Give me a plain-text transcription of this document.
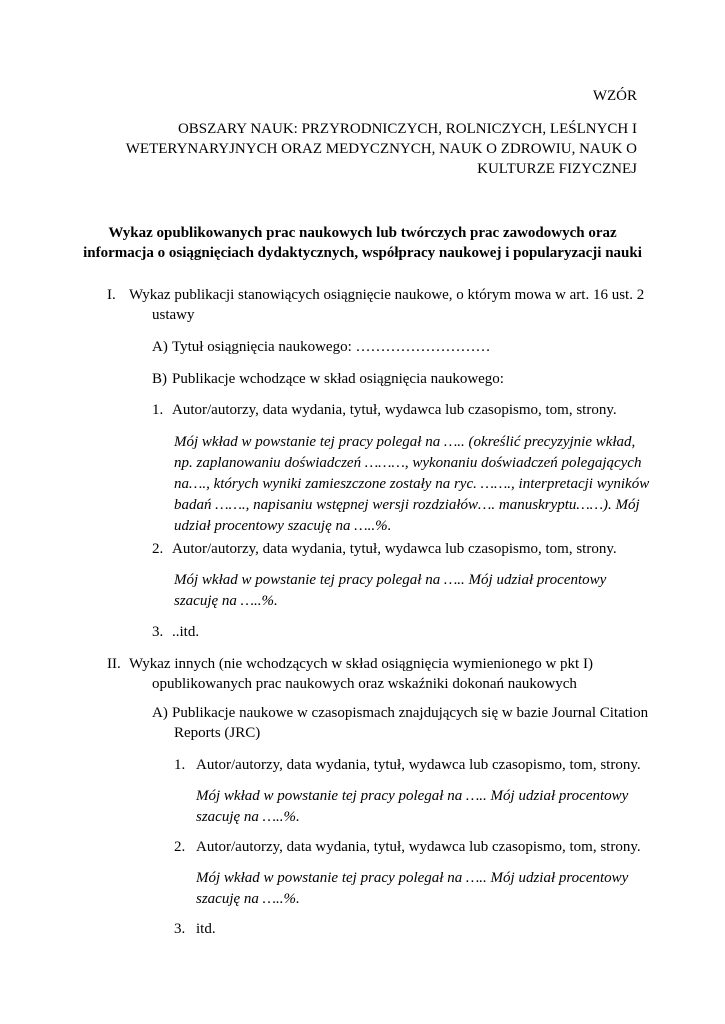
WZÓR
OBSZARY NAUK: PRZYRODNICZYCH, ROLNICZYCH, LEŚLNYCH I
WETERYNARYJNYCH ORAZ MEDYCZNYCH, NAUK O ZDROWIU, NAUK O
KULTURZE FIZYCZNEJ
Wykaz opublikowanych prac naukowych lub twórczych prac zawodowych oraz
informacja o osiągnięciach dydaktycznych, współpracy naukowej i popularyzacji nauki
I. Wykaz publikacji stanowiących osiągnięcie naukowe, o którym mowa w art. 16 ust. 2
ustawy
A) Tytuł osiągnięcia naukowego: ………………………
B) Publikacje wchodzące w skład osiągnięcia naukowego:
1. Autor/autorzy, data wydania, tytuł, wydawca lub czasopismo, tom, strony.
Mój wkład w powstanie tej pracy polegał na ….. (określić precyzyjnie wkład,
np. zaplanowaniu doświadczeń ………, wykonaniu doświadczeń polegających
na…., których wyniki zamieszczone zostały na ryc. ……., interpretacji wyników
badań ……., napisaniu wstępnej wersji rozdziałów…. manuskryptu……). Mój
udział procentowy szacuję na …..%.
2. Autor/autorzy, data wydania, tytuł, wydawca lub czasopismo, tom, strony.
Mój wkład w powstanie tej pracy polegał na ….. Mój udział procentowy
szacuję na …..%.
3. ..itd.
II. Wykaz innych (nie wchodzących w skład osiągnięcia wymienionego w pkt I)
opublikowanych prac naukowych oraz wskaźniki dokonań naukowych
A) Publikacje naukowe w czasopismach znajdujących się w bazie Journal Citation
Reports (JRC)
1. Autor/autorzy, data wydania, tytuł, wydawca lub czasopismo, tom, strony.
Mój wkład w powstanie tej pracy polegał na ….. Mój udział procentowy
szacuję na …..%.
2. Autor/autorzy, data wydania, tytuł, wydawca lub czasopismo, tom, strony.
Mój wkład w powstanie tej pracy polegał na ….. Mój udział procentowy
szacuję na …..%.
3. itd.
